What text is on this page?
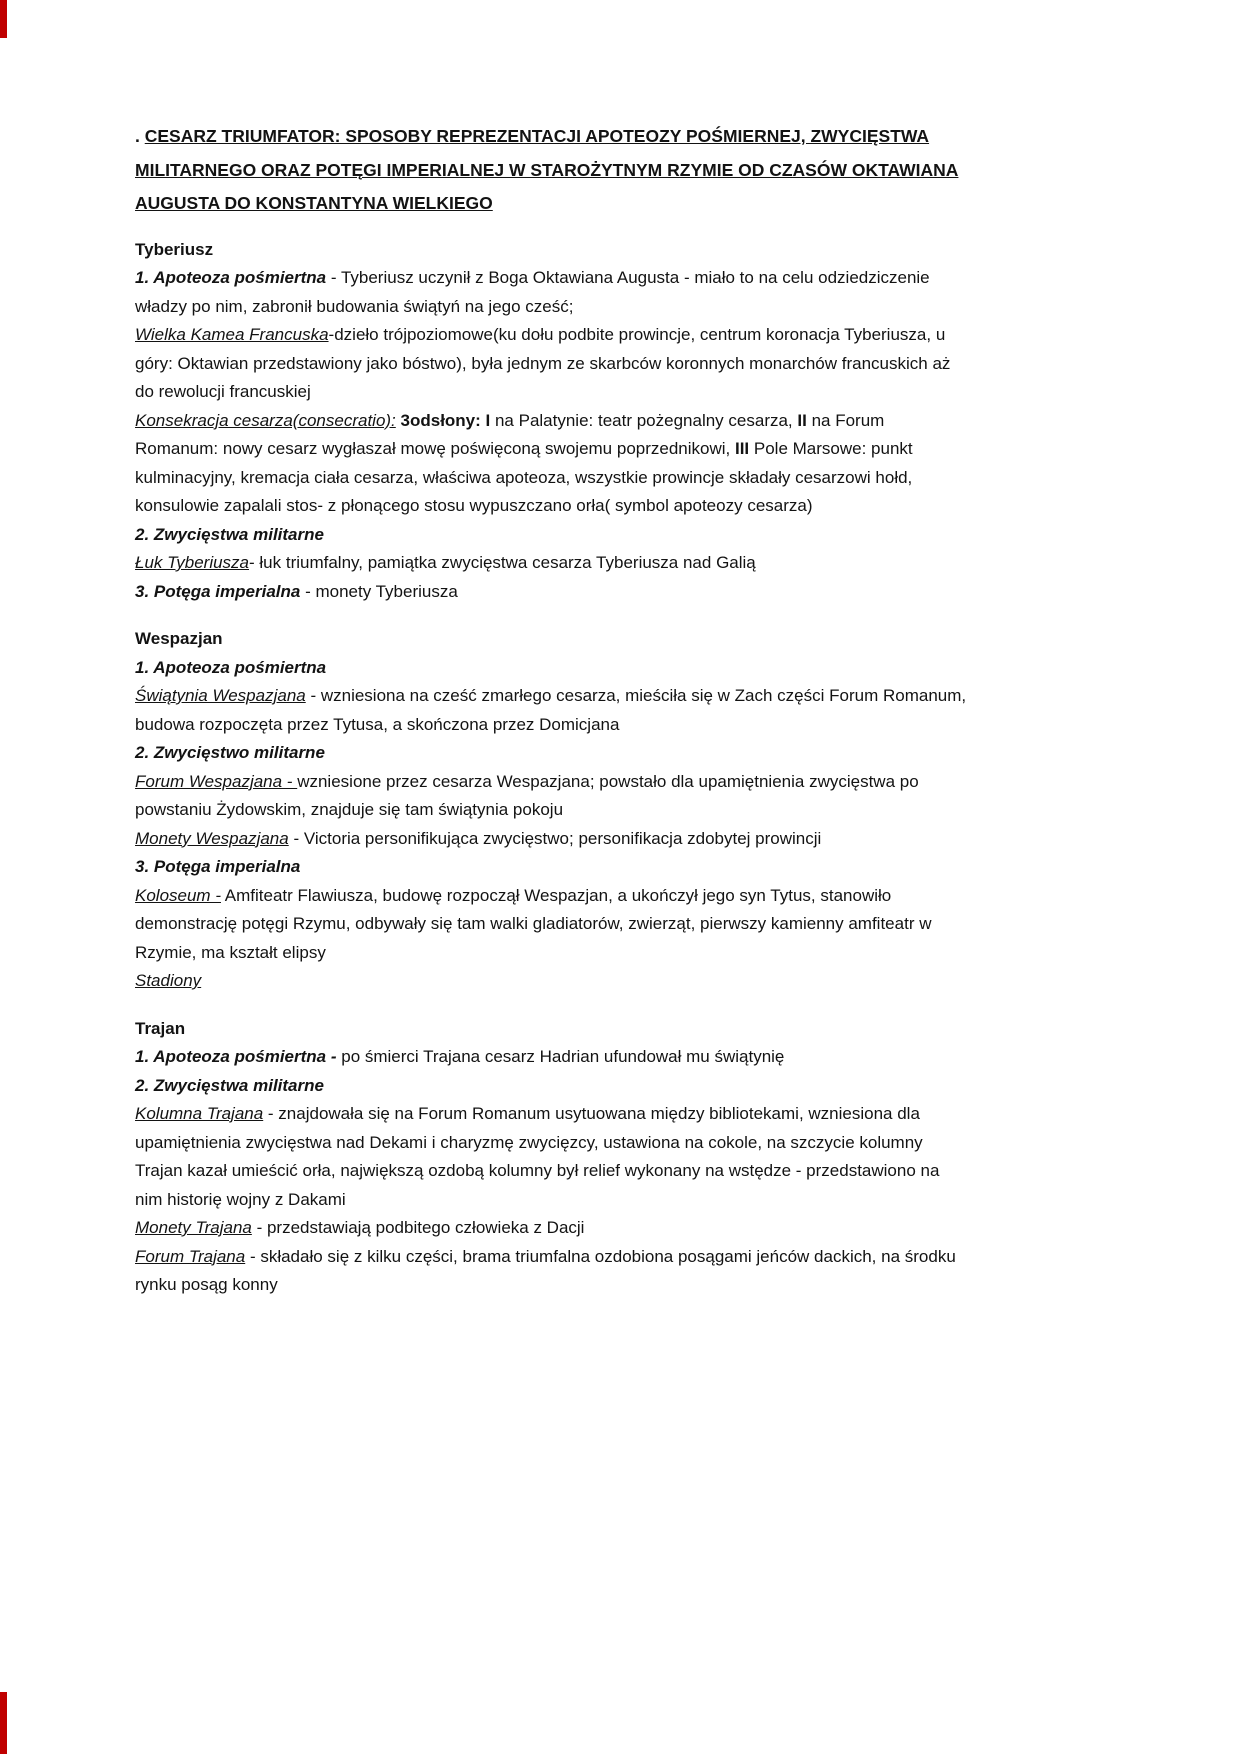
. CESARZ TRIUMFATOR: SPOSOBY REPREZENTACJI APOTEOZY POŚMIERNEJ, ZWYCIĘSTWA MILITARNEGO ORAZ POTĘGI IMPERIALNEJ W STAROŻYTNYM RZYMIE OD CZASÓW OKTAWIANA AUGUSTA DO KONSTANTYNA WIELKIEGO

Tyberiusz

1. Apoteoza pośmiertna - Tyberiusz uczynił z Boga Oktawiana Augusta - miało to na celu odziedziczenie władzy po nim, zabronił budowania świątyń na jego cześć;

Wielka Kamea Francuska-dzieło trójpoziomowe(ku dołu podbite prowincje, centrum koronacja Tyberiusza, u góry: Oktawian przedstawiony jako bóstwo), była jednym ze skarbców koronnych monarchów francuskich aż do rewolucji francuskiej

Konsekracja cesarza(consecratio): 3odsłony: I na Palatynie: teatr pożegnalny cesarza, II na Forum Romanum: nowy cesarz wygłaszał mowę poświęconą swojemu poprzednikowi, III Pole Marsowe: punkt kulminacyjny, kremacja ciała cesarza, właściwa apoteoza, wszystkie prowincje składały cesarzowi hołd, konsulowie zapalali stos- z płonącego stosu wypuszczano orła( symbol apoteozy cesarza)

2. Zwycięstwa militarne

Łuk Tyberiusza- łuk triumfalny, pamiątka zwycięstwa cesarza Tyberiusza nad Galią

3. Potęga imperialna - monety Tyberiusza

Wespazjan

1. Apoteoza pośmiertna

Świątynia Wespazjana - wzniesiona na cześć zmarłego cesarza, mieściła się w Zach części Forum Romanum, budowa rozpoczęta przez Tytusa, a skończona przez Domicjana

2. Zwycięstwo militarne

Forum Wespazjana - wzniesione przez cesarza Wespazjana; powstało dla upamiętnienia zwycięstwa po powstaniu Żydowskim, znajduje się tam świątynia pokoju

Monety Wespazjana - Victoria personifikująca zwycięstwo; personifikacja zdobytej prowincji

3. Potęga imperialna

Koloseum - Amfiteatr Flawiusza, budowę rozpoczął Wespazjan, a ukończył jego syn Tytus, stanowiło demonstrację potęgi Rzymu, odbywały się tam walki gladiatorów, zwierząt, pierwszy kamienny amfiteatr w Rzymie, ma kształt elipsy

Stadiony

Trajan

1. Apoteoza pośmiertna - po śmierci Trajana cesarz Hadrian ufundował mu świątynię

2. Zwycięstwa militarne

Kolumna Trajana - znajdowała się na Forum Romanum usytuowana między bibliotekami, wzniesiona dla upamiętnienia zwycięstwa nad Dekami i charyzmę zwycięzcy, ustawiona na cokole, na szczycie kolumny Trajan kazał umieścić orła, największą ozdobą kolumny był relief wykonany na wstędze - przedstawiono na nim historię wojny z Dakami

Monety Trajana - przedstawiają podbitego człowieka z Dacji

Forum Trajana - składało się z kilku części, brama triumfalna ozdobiona posągami jeńców dackich, na środku rynku posąg konny
